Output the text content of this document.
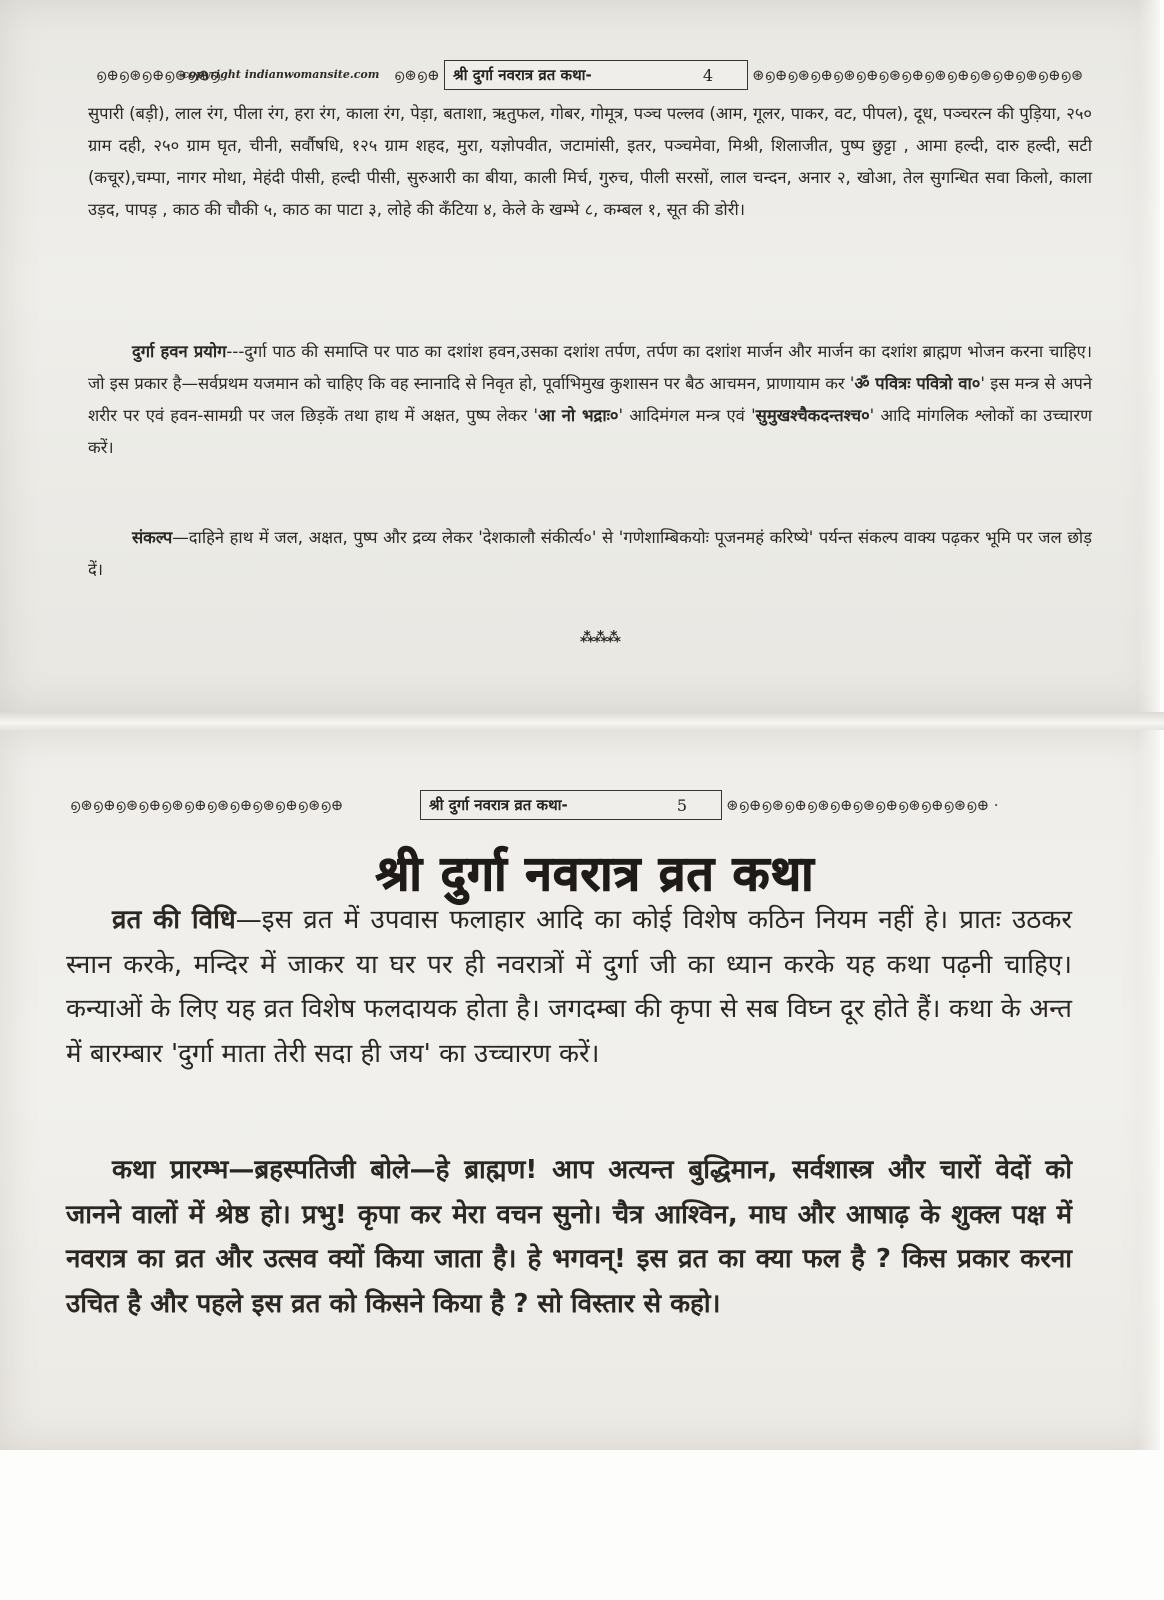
൭⊕൭⊛൭⊕൭⊛൭⊕൭
copyright indianwomansite.com ൭⊛൭⊕ श्री दुर्गा नवरात्र व्रत कथा-	4	⊛൭⊕൭⊛൭⊕൭⊛൭⊕൭⊛൭⊕൭⊛൭⊕൭⊛൭⊕൭⊛൭⊕൭⊛

सुपारी (बड़ी), लाल रंग, पीला रंग, हरा रंग, काला रंग, पेड़ा, बताशा, ऋतुफल, गोबर, गोमूत्र, पञ्च पल्लव (आम, गूलर, पाकर, वट, पीपल), दूध, पञ्चरत्न की पुड़िया, २५० ग्राम दही, २५० ग्राम घृत, चीनी, सर्वौषधि, १२५ ग्राम शहद, मुरा, यज्ञोपवीत, जटामांसी, इतर, पञ्चमेवा, मिश्री, शिलाजीत, पुष्प छुट्टा , आमा हल्दी, दारु हल्दी, सटी (कचूर),चम्पा, नागर मोथा, मेहंदी पीसी, हल्दी पीसी, सुरुआरी का बीया, काली मिर्च, गुरुच, पीली सरसों, लाल चन्दन, अनार २, खोआ, तेल सुगन्धित सवा किलो, काला उड़द, पापड़ , काठ की चौकी ५, काठ का पाटा ३, लोहे की कँटिया ४, केले के खम्भे ८, कम्बल १, सूत की डोरी।

दुर्गा हवन प्रयोग---दुर्गा पाठ की समाप्ति पर पाठ का दशांश हवन,उसका दशांश तर्पण, तर्पण का दशांश मार्जन और मार्जन का दशांश ब्राह्मण भोजन करना चाहिए। जो इस प्रकार है—सर्वप्रथम यजमान को चाहिए कि वह स्नानादि से निवृत हो, पूर्वाभिमुख कुशासन पर बैठ आचमन, प्राणायाम कर 'ॐ पवित्रः पवित्रो वा०' इस मन्त्र से अपने शरीर पर एवं हवन-सामग्री पर जल छिड़कें तथा हाथ में अक्षत, पुष्प लेकर 'आ नो भद्राः०' आदिमंगल मन्त्र एवं 'सुमुखश्चैकदन्तश्च०' आदि मांगलिक श्लोकों का उच्चारण करें।

संकल्प—दाहिने हाथ में जल, अक्षत, पुष्प और द्रव्य लेकर 'देशकालौ संकीर्त्य०' से 'गणेशाम्बिकयोः पूजनमहं करिष्ये' पर्यन्त संकल्प वाक्य पढ़कर भूमि पर जल छोड़ दें।

⁂⁂⁂
൭⊛൭⊕൭⊛൭⊕൭⊛൭⊕൭⊛൭⊕൭⊛൭⊕൭⊛൭⊕	श्री दुर्गा नवरात्र व्रत कथा-	5	⊛൭⊕൭⊛൭⊕൭⊛൭⊕൭⊛൭⊕൭⊛൭⊕൭⊛൭⊕ ·
श्री दुर्गा नवरात्र व्रत कथा

व्रत की विधि—इस व्रत में उपवास फलाहार आदि का कोई विशेष कठिन नियम नहीं हे। प्रातः उठकर स्नान करके, मन्दिर में जाकर या घर पर ही नवरात्रों में दुर्गा जी का ध्यान करके यह कथा पढ़नी चाहिए। कन्याओं के लिए यह व्रत विशेष फलदायक होता है। जगदम्बा की कृपा से सब विघ्न दूर होते हैं। कथा के अन्त में बारम्बार 'दुर्गा माता तेरी सदा ही जय' का उच्चारण करें।

कथा प्रारम्भ—ब्रहस्पतिजी बोले—हे ब्राह्मण! आप अत्यन्त बुद्धिमान, सर्वशास्त्र और चारों वेदों को जानने वालों में श्रेष्ठ हो। प्रभु! कृपा कर मेरा वचन सुनो। चैत्र आश्विन, माघ और आषाढ़ के शुक्ल पक्ष में नवरात्र का व्रत और उत्सव क्यों किया जाता है। हे भगवन्! इस व्रत का क्या फल है ? किस प्रकार करना उचित है और पहले इस व्रत को किसने किया है ? सो विस्तार से कहो।
